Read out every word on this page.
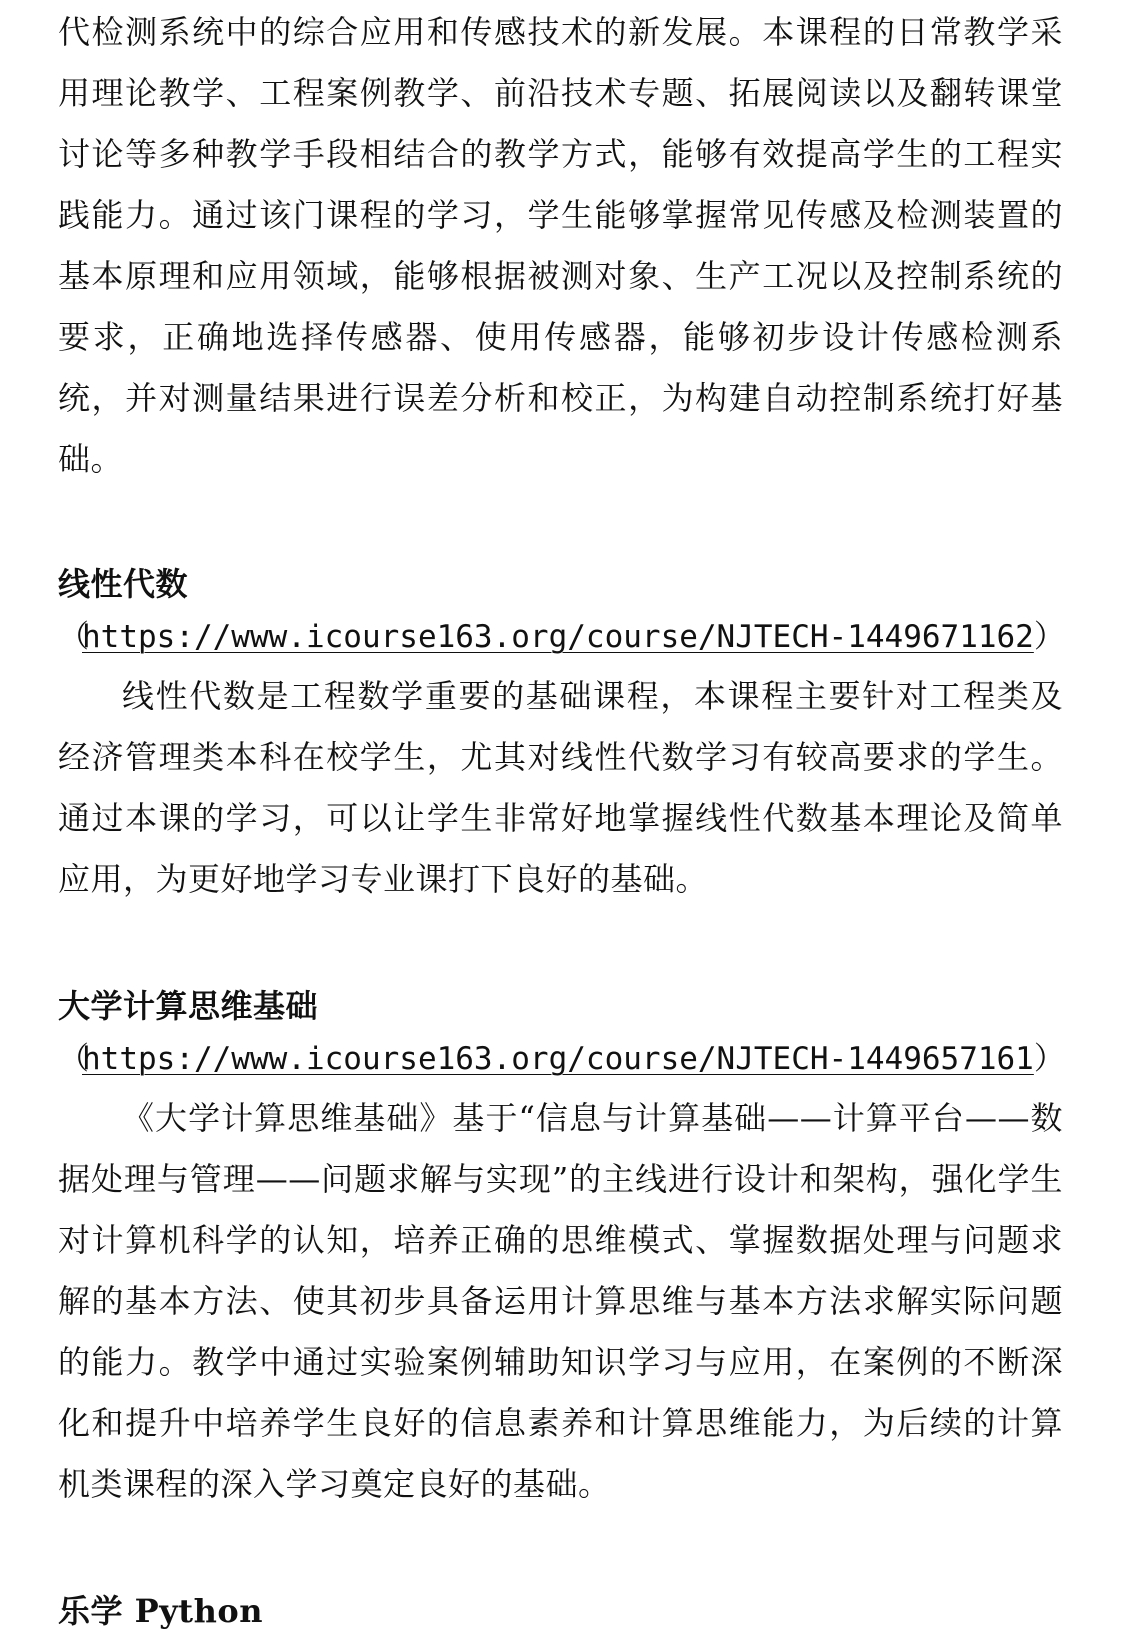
代检测系统中的综合应用和传感技术的新发展。本课程的日常教学采用理论教学、工程案例教学、前沿技术专题、拓展阅读以及翻转课堂讨论等多种教学手段相结合的教学方式，能够有效提高学生的工程实践能力。通过该门课程的学习，学生能够掌握常见传感及检测装置的基本原理和应用领域，能够根据被测对象、生产工况以及控制系统的要求，正确地选择传感器、使用传感器，能够初步设计传感检测系统，并对测量结果进行误差分析和校正，为构建自动控制系统打好基础。

线性代数

（https://www.icourse163.org/course/NJTECH-1449671162）

线性代数是工程数学重要的基础课程，本课程主要针对工程类及经济管理类本科在校学生，尤其对线性代数学习有较高要求的学生。通过本课的学习，可以让学生非常好地掌握线性代数基本理论及简单应用，为更好地学习专业课打下良好的基础。

大学计算思维基础

（https://www.icourse163.org/course/NJTECH-1449657161）

《大学计算思维基础》基于“信息与计算基础——计算平台——数据处理与管理——问题求解与实现”的主线进行设计和架构，强化学生对计算机科学的认知，培养正确的思维模式、掌握数据处理与问题求解的基本方法、使其初步具备运用计算思维与基本方法求解实际问题的能力。教学中通过实验案例辅助知识学习与应用，在案例的不断深化和提升中培养学生良好的信息素养和计算思维能力，为后续的计算机类课程的深入学习奠定良好的基础。

乐学 Python
